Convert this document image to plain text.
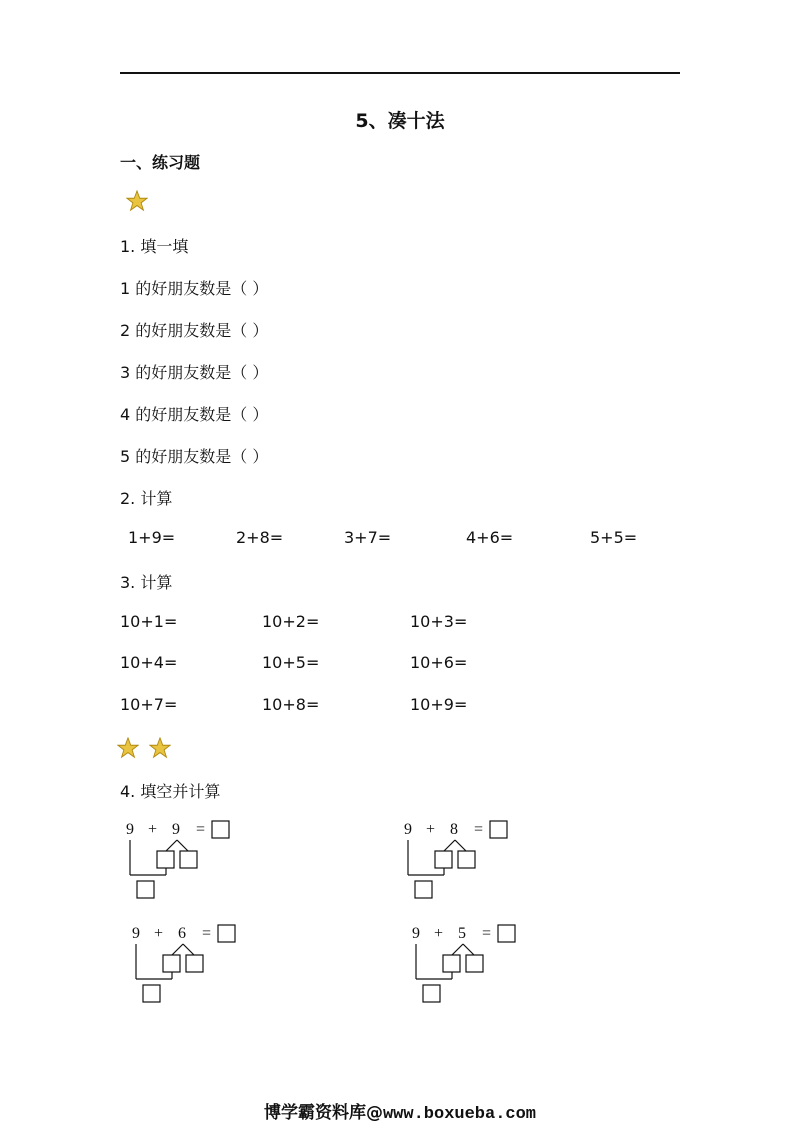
5、凑十法
一、练习题
1. 填一填
1 的好朋友数是（ ）
2 的好朋友数是（ ）
3 的好朋友数是（ ）
4 的好朋友数是（ ）
5 的好朋友数是（ ）
2. 计算
1+9=	2+8=	3+7=	4+6=	5+5=
3. 计算
10+1=	10+2=	10+3=
10+4=	10+5=	10+6=
10+7=	10+8=	10+9=
4. 填空并计算
9 + 9 =	9 + 8 =
9 + 6 =	9 + 5 =
博学霸资料库@www.boxueba.com
